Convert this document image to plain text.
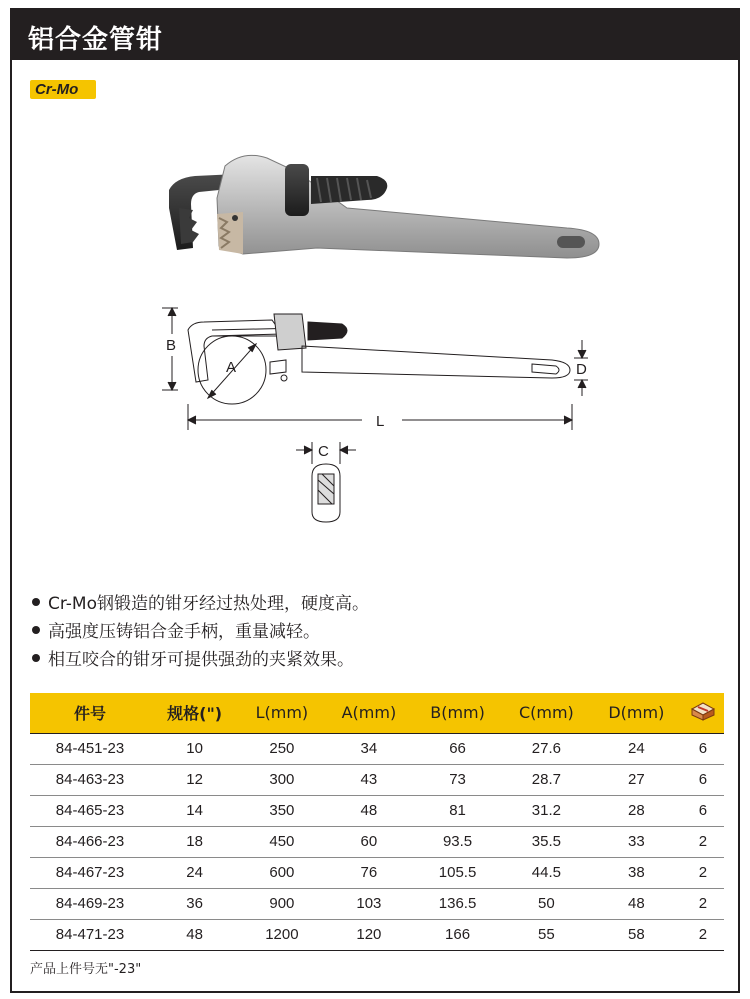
铝合金管钳
Cr-Mo
B
A	D
L
C
Cr-Mo钢锻造的钳牙经过热处理，硬度高。
高强度压铸铝合金手柄，重量减轻。
相互咬合的钳牙可提供强劲的夹紧效果。
件号	规格(")	L(mm)	A(mm)	B(mm)	C(mm)	D(mm)	
84-451-23	10	250	34	66	27.6	24	6
84-463-23	12	300	43	73	28.7	27	6
84-465-23	14	350	48	81	31.2	28	6
84-466-23	18	450	60	93.5	35.5	33	2
84-467-23	24	600	76	105.5	44.5	38	2
84-469-23	36	900	103	136.5	50	48	2
84-471-23	48	1200	120	166	55	58	2
产品上件号无"-23"
